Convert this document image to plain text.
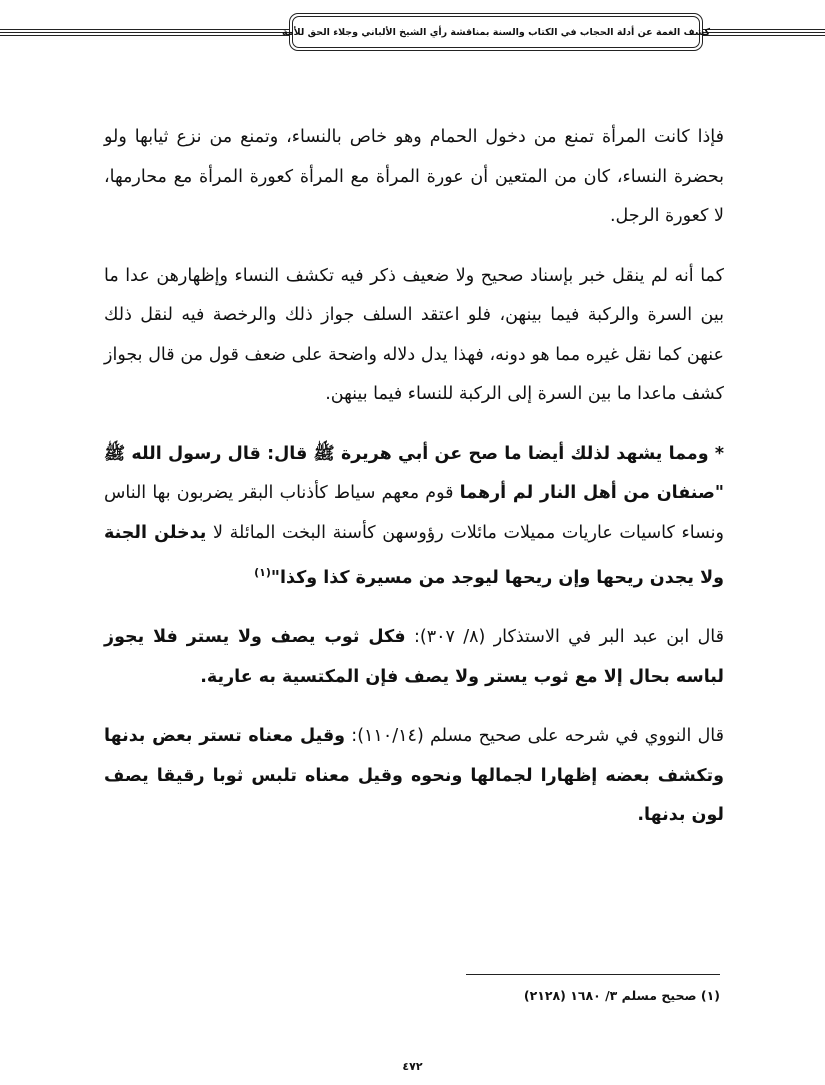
كشف الغمة عن أدلة الحجاب في الكتاب والسنة بمناقشة رأي الشيخ الألباني وجلاء الحق للأمة

فإذا كانت المرأة تمنع من دخول الحمام وهو خاص بالنساء، وتمنع من نزع ثيابها ولو بحضرة النساء، كان من المتعين أن عورة المرأة مع المرأة كعورة المرأة مع محارمها، لا كعورة الرجل.

كما أنه لم ينقل خبر بإسناد صحيح ولا ضعيف ذكر فيه تكشف النساء وإظهارهن عدا ما بين السرة والركبة فيما بينهن، فلو اعتقد السلف جواز ذلك والرخصة فيه لنقل ذلك عنهن كما نقل غيره مما هو دونه، فهذا يدل دلاله واضحة على ضعف قول من قال بجواز كشف ماعدا ما بين السرة إلى الركبة للنساء فيما بينهن.

* ومما يشهد لذلك أيضا ما صح عن أبي هريرة ﷺ قال: قال رسول الله ﷺ "صنفان من أهل النار لم أرهما قوم معهم سياط كأذناب البقر يضربون بها الناس ونساء كاسيات عاريات مميلات مائلات رؤوسهن كأسنة البخت المائلة لا يدخلن الجنة ولا يجدن ريحها وإن ريحها ليوجد من مسيرة كذا وكذا"$^{(١)}$

قال ابن عبد البر في الاستذكار (٨/ ٣٠٧): فكل ثوب يصف ولا يستر فلا يجوز لباسه بحال إلا مع ثوب يستر ولا يصف فإن المكتسية به عارية.

قال النووي في شرحه على صحيح مسلم (١١٠/١٤): وقيل معناه تستر بعض بدنها وتكشف بعضه إظهارا لجمالها ونحوه وقيل معناه تلبس ثوبا رقيقا يصف لون بدنها.

(١) صحيح مسلم ٣/ ١٦٨٠ (٢١٢٨)
٤٧٢
